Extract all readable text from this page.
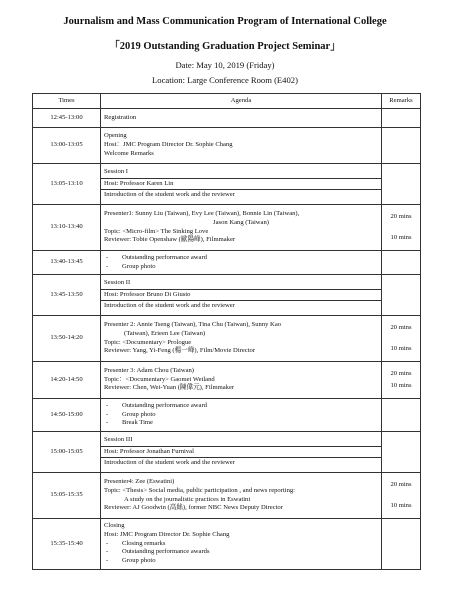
Journalism and Mass Communication Program of International College
「2019 Outstanding Graduation Project Seminar」
Date: May 10, 2019 (Friday)
Location: Large Conference Room (E402)
Times	Agenda	Remarks
12:45-13:00	Registration	

13:00-13:05	Opening
Host：JMC Program Director Dr. Sophie Chang
Welcome Remarks	

13:05-13:10	Session I
Host: Professor Karen Lin
Introduction of the student work and the reviewer	

13:10-13:40	Presenter1: Sunny Liu (Taiwan), Evy Lee (Taiwan), Bonnie Lin (Taiwan),
Jason Kang (Taiwan)
Topic: <Micro-film> The Sinking Love
Reviewer: Tobie Openshaw (歐陽峰), Filmmaker	20 mins
10 mins

13:40-13:45	- Outstanding performance award
- Group photo

13:45-13:50	Session II
Host: Professor Bruno Di Giusto
Introduction of the student work and the reviewer	

13:50-14:20	Presenter 2: Annie Tseng (Taiwan), Tina Chu (Taiwan), Sunny Kao
(Taiwan), Erieen Lee (Taiwan)
Topic: <Documentary> Prologue
Reviewer: Yang, Yi-Feng (楊一峰), Film/Movie Director	20 mins
10 mins

14:20-14:50	Presenter 3: Adam Chou (Taiwan)
Topic：<Documentary> Gaomei Wetland
Reviewer: Chen, Wei-Yuan (陳偉元), Filmmaker	20 mins
10 mins

14:50-15:00	- Outstanding performance award
- Group photo
- Break Time

15:00-15:05	Session III
Host: Professor Jonathan Furnival
Introduction of the student work and the reviewer	

15:05-15:35	Presenter4: Zee (Eswatini)
Topic: <Thesis> Social media, public participation , and news reporting:
A study on the journalistic practices in Eswatini
Reviewer: AJ Goodwin (高絲), former NBC News Deputy Director	20 mins
10 mins

15:35-15:40	Closing
Host: JMC Program Director Dr. Sophie Chang
- Closing remarks
- Outstanding performance awards
- Group photo
